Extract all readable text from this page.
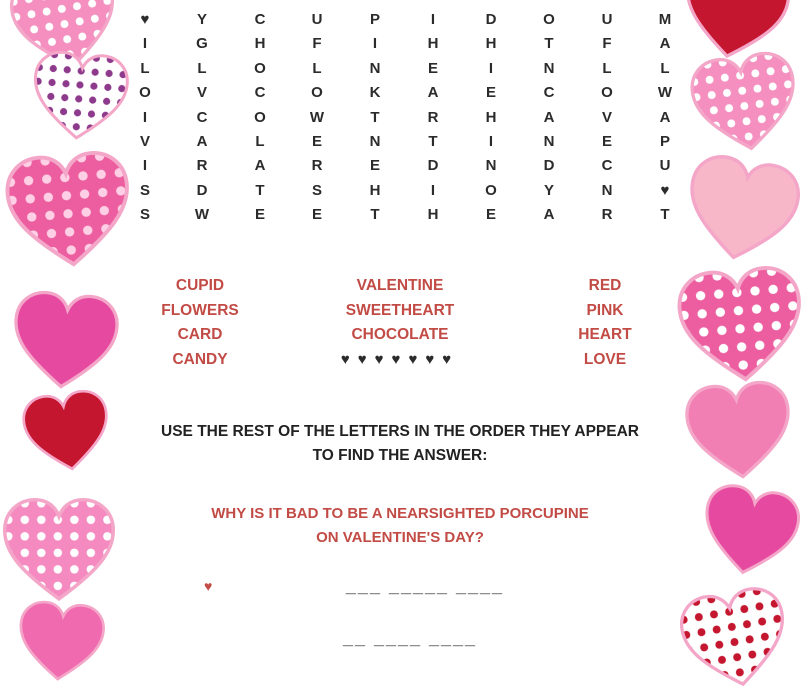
♥
I
L
O
I
V
I
S
S
Y
G
L
V
C
A
R
D
W
C
H
O
C
O
L
A
T
E
U
F
L
O
W
E
R
S
E
P
I
N
K
T
N
E
H
T
I
H
E
A
R
T
D
I
H
D
H
I
E
H
I
N
O
E
O
T
N
C
A
N
D
Y
A
U
F
L
O
V
E
C
N
R
M
A
L
W
A
P
U
♥
T
CUPID
FLOWERS
CARD
CANDY
VALENTINE
SWEETHEART
CHOCOLATE
♥♥♥♥♥♥♥
RED
PINK
HEART
LOVE
USE THE REST OF THE LETTERS IN THE ORDER THEY APPEAR
TO FIND THE ANSWER:
WHY IS IT BAD TO BE A NEARSIGHTED PORCUPINE
ON VALENTINE'S DAY?
♥	___ _____ ____
__ ____ ____
